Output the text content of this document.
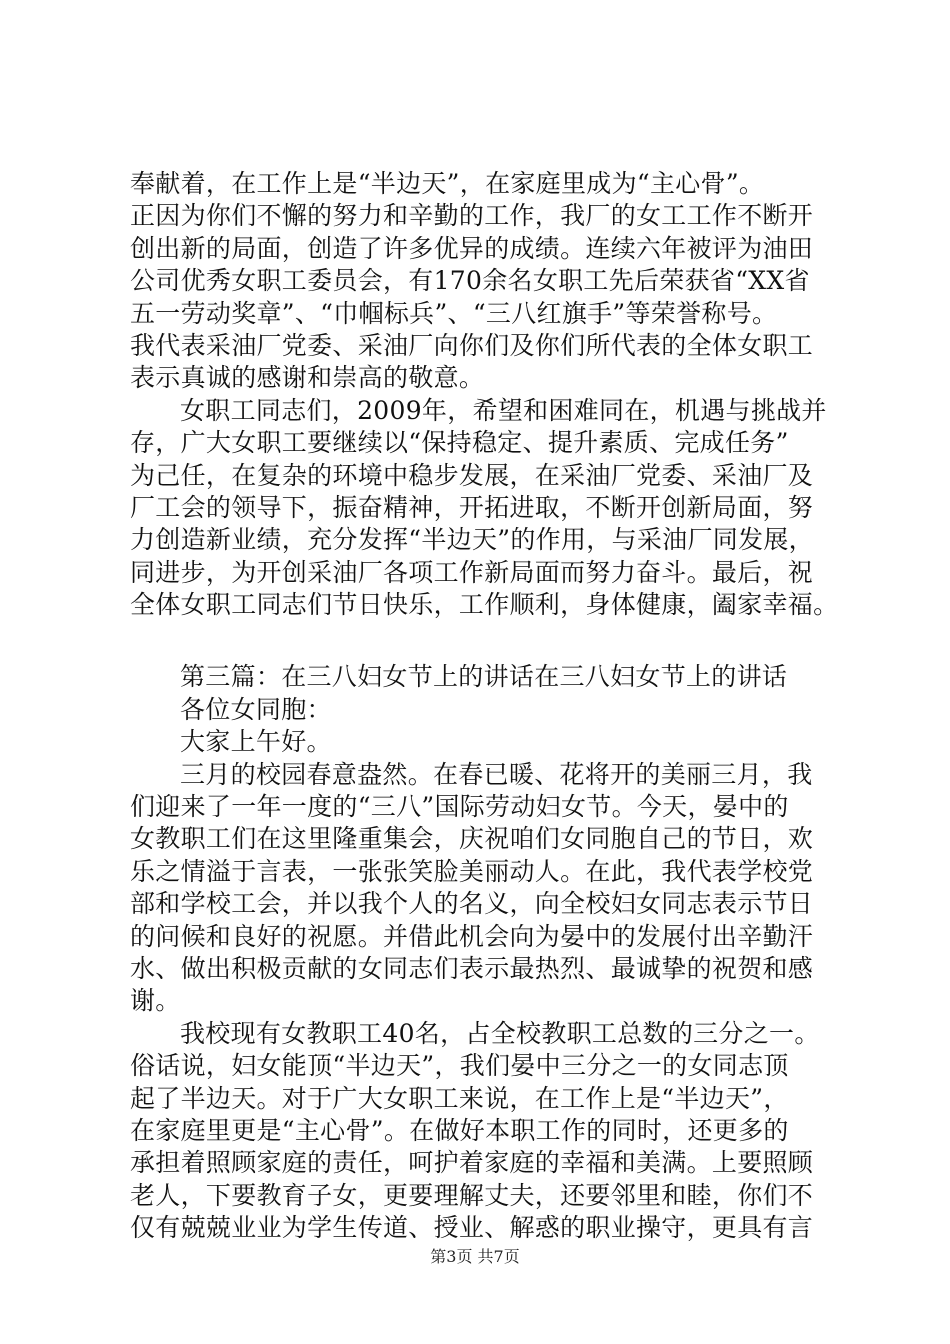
奉献着，在工作上是“半边天”，在家庭里成为“主心骨”。
正因为你们不懈的努力和辛勤的工作，我厂的女工工作不断开
创出新的局面，创造了许多优异的成绩。连续六年被评为油田
公司优秀女职工委员会，有170余名女职工先后荣获省“XX省
五一劳动奖章”、“巾帼标兵”、“三八红旗手”等荣誉称号。
我代表采油厂党委、采油厂向你们及你们所代表的全体女职工
表示真诚的感谢和崇高的敬意。
女职工同志们，2009年，希望和困难同在，机遇与挑战并
存，广大女职工要继续以“保持稳定、提升素质、完成任务”
为己任，在复杂的环境中稳步发展，在采油厂党委、采油厂及
厂工会的领导下，振奋精神，开拓进取，不断开创新局面，努
力创造新业绩，充分发挥“半边天”的作用，与采油厂同发展，
同进步，为开创采油厂各项工作新局面而努力奋斗。最后，祝
全体女职工同志们节日快乐，工作顺利，身体健康，阖家幸福。
第三篇：在三八妇女节上的讲话在三八妇女节上的讲话
各位女同胞：
大家上午好。
三月的校园春意盎然。在春已暖、花将开的美丽三月，我
们迎来了一年一度的“三八”国际劳动妇女节。今天，晏中的
女教职工们在这里隆重集会，庆祝咱们女同胞自己的节日，欢
乐之情溢于言表，一张张笑脸美丽动人。在此，我代表学校党
部和学校工会，并以我个人的名义，向全校妇女同志表示节日
的问候和良好的祝愿。并借此机会向为晏中的发展付出辛勤汗
水、做出积极贡献的女同志们表示最热烈、最诚挚的祝贺和感
谢。
我校现有女教职工40名，占全校教职工总数的三分之一。
俗话说，妇女能顶“半边天”，我们晏中三分之一的女同志顶
起了半边天。对于广大女职工来说，在工作上是“半边天”，
在家庭里更是“主心骨”。在做好本职工作的同时，还更多的
承担着照顾家庭的责任，呵护着家庭的幸福和美满。上要照顾
老人，下要教育子女，更要理解丈夫，还要邻里和睦，你们不
仅有兢兢业业为学生传道、授业、解惑的职业操守，更具有言
第3页 共7页
